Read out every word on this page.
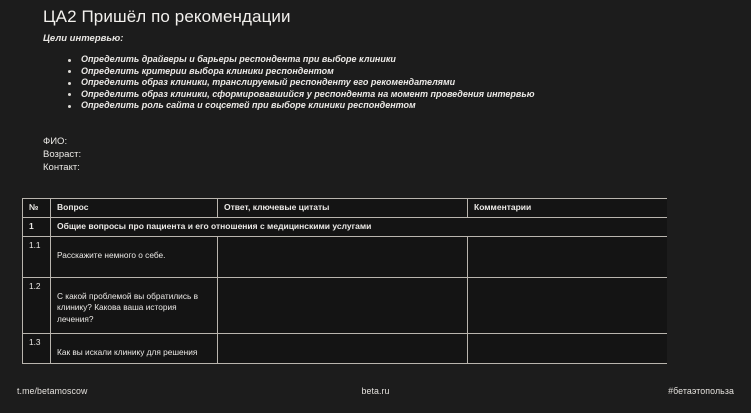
ЦА2 Пришёл по рекомендации
Цели интервью:
Определить драйверы и барьеры респондента при выборе клиники
Определить критерии выбора клиники респондентом
Определить образ клиники, транслируемый респонденту его рекомендателями
Определить образ клиники, сформировавшийся у респондента на момент проведения интервью
Определить роль сайта и соцсетей при выборе клиники респондентом
ФИО:
Возраст:
Контакт:
№	Вопрос	Ответ, ключевые цитаты	Комментарии
1	Общие вопросы про пациента и его отношения с медицинскими услугами		

1.1	Расскажите немного о себе.		

1.2	С какой проблемой вы обратились в клинику? Какова ваша история лечения?		

1.3	Как вы искали клинику для решения		

t.me/betamoscow	beta.ru	#бетаэтопольза
